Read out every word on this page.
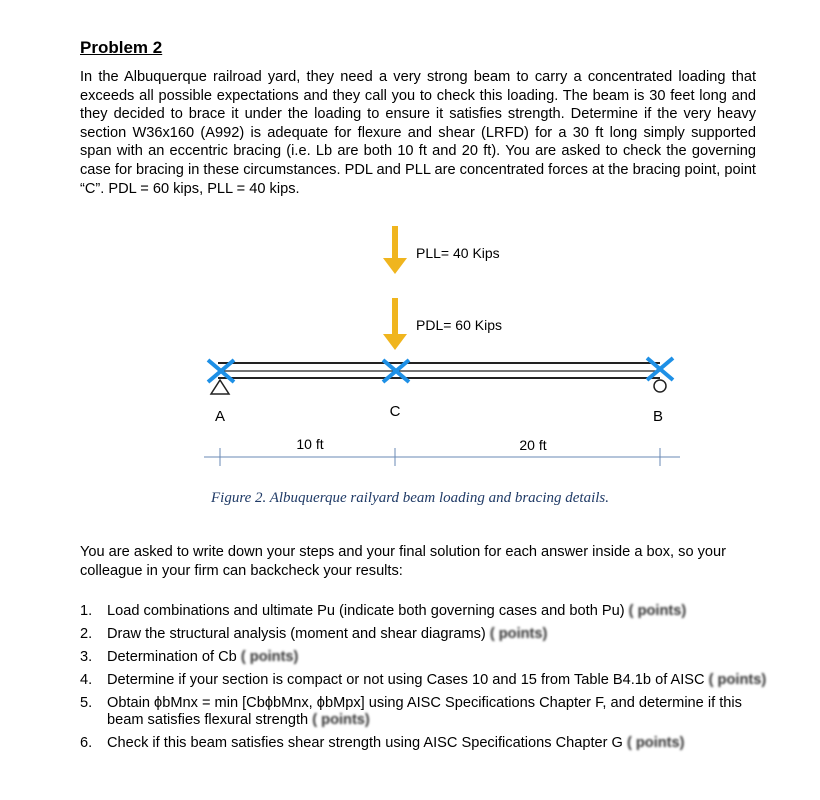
Problem 2
In the Albuquerque railroad yard, they need a very strong beam to carry a concentrated loading that exceeds all possible expectations and they call you to check this loading. The beam is 30 feet long and they decided to brace it under the loading to ensure it satisfies strength. Determine if the very heavy section W36x160 (A992) is adequate for flexure and shear (LRFD) for a 30 ft long simply supported span with an eccentric bracing (i.e. Lb are both 10 ft and 20 ft). You are asked to check the governing case for bracing in these circumstances. PDL and PLL are concentrated forces at the bracing point, point “C”. PDL = 60 kips, PLL = 40 kips.
PLL= 40 Kips
PDL= 60 Kips
A	C	B
10 ft	20 ft
Figure 2. Albuquerque railyard beam loading and bracing details.
You are asked to write down your steps and your final solution for each answer inside a box, so your colleague in your firm can backcheck your results:
1. Load combinations and ultimate Pu (indicate both governing cases and both Pu) ( points)
2. Draw the structural analysis (moment and shear diagrams) ( points)
3. Determination of Cb ( points)
4. Determine if your section is compact or not using Cases 10 and 15 from Table B4.1b of AISC ( points)
5. Obtain ϕbMnx = min [CbϕbMnx, ϕbMpx] using AISC Specifications Chapter F, and determine if this beam satisfies flexural strength ( points)
6. Check if this beam satisfies shear strength using AISC Specifications Chapter G ( points)
